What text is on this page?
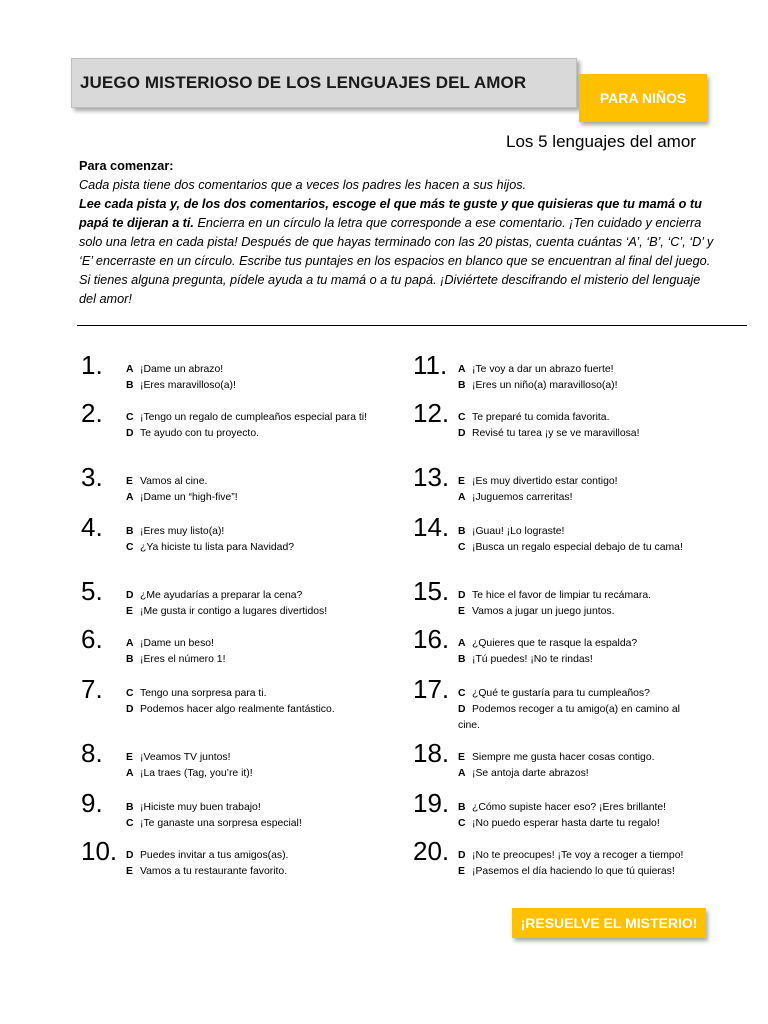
JUEGO MISTERIOSO DE LOS LENGUAJES DEL AMOR
PARA NIÑOS
Los 5 lenguajes del amor
Para comenzar:
Cada pista tiene dos comentarios que a veces los padres les hacen a sus hijos.
Lee cada pista y, de los dos comentarios, escoge el que más te guste y que quisieras que tu mamá o tu papá te dijeran a ti. Encierra en un círculo la letra que corresponde a ese comentario. ¡Ten cuidado y encierra solo una letra en cada pista! Después de que hayas terminado con las 20 pistas, cuenta cuántas ‘A’, ‘B’, ‘C’, ‘D’ y ‘E’ encerraste en un círculo. Escribe tus puntajes en los espacios en blanco que se encuentran al final del juego. Si tienes alguna pregunta, pídele ayuda a tu mamá o a tu papá. ¡Diviértete descifrando el misterio del lenguaje del amor!
1. A ¡Dame un abrazo!
B ¡Eres maravilloso(a)!
2. C ¡Tengo un regalo de cumpleaños especial para ti!
D Te ayudo con tu proyecto.
3. E Vamos al cine.
A ¡Dame un “high-five”!
4. B ¡Eres muy listo(a)!
C ¿Ya hiciste tu lista para Navidad?
5. D ¿Me ayudarías a preparar la cena?
E ¡Me gusta ir contigo a lugares divertidos!
6. A ¡Dame un beso!
B ¡Eres el número 1!
7. C Tengo una sorpresa para ti.
D Podemos hacer algo realmente fantástico.
8. E ¡Veamos TV juntos!
A ¡La traes (Tag, you’re it)!
9. B ¡Hiciste muy buen trabajo!
C ¡Te ganaste una sorpresa especial!
10. D Puedes invitar a tus amigos(as).
E Vamos a tu restaurante favorito.
11. A ¡Te voy a dar un abrazo fuerte!
B ¡Eres un niño(a) maravilloso(a)!
12. C Te preparé tu comida favorita.
D Revisé tu tarea ¡y se ve maravillosa!
13. E ¡Es muy divertido estar contigo!
A ¡Juguemos carreritas!
14. B ¡Guau! ¡Lo lograste!
C ¡Busca un regalo especial debajo de tu cama!
15. D Te hice el favor de limpiar tu recámara.
E Vamos a jugar un juego juntos.
16. A ¿Quieres que te rasque la espalda?
B ¡Tú puedes! ¡No te rindas!
17. C ¿Qué te gustaría para tu cumpleaños?
D Podemos recoger a tu amigo(a) en camino al cine.
18. E Siempre me gusta hacer cosas contigo.
A ¡Se antoja darte abrazos!
19. B ¿Cómo supiste hacer eso? ¡Eres brillante!
C ¡No puedo esperar hasta darte tu regalo!
20. D ¡No te preocupes! ¡Te voy a recoger a tiempo!
E ¡Pasemos el día haciendo lo que tú quieras!
¡RESUELVE EL MISTERIO!
